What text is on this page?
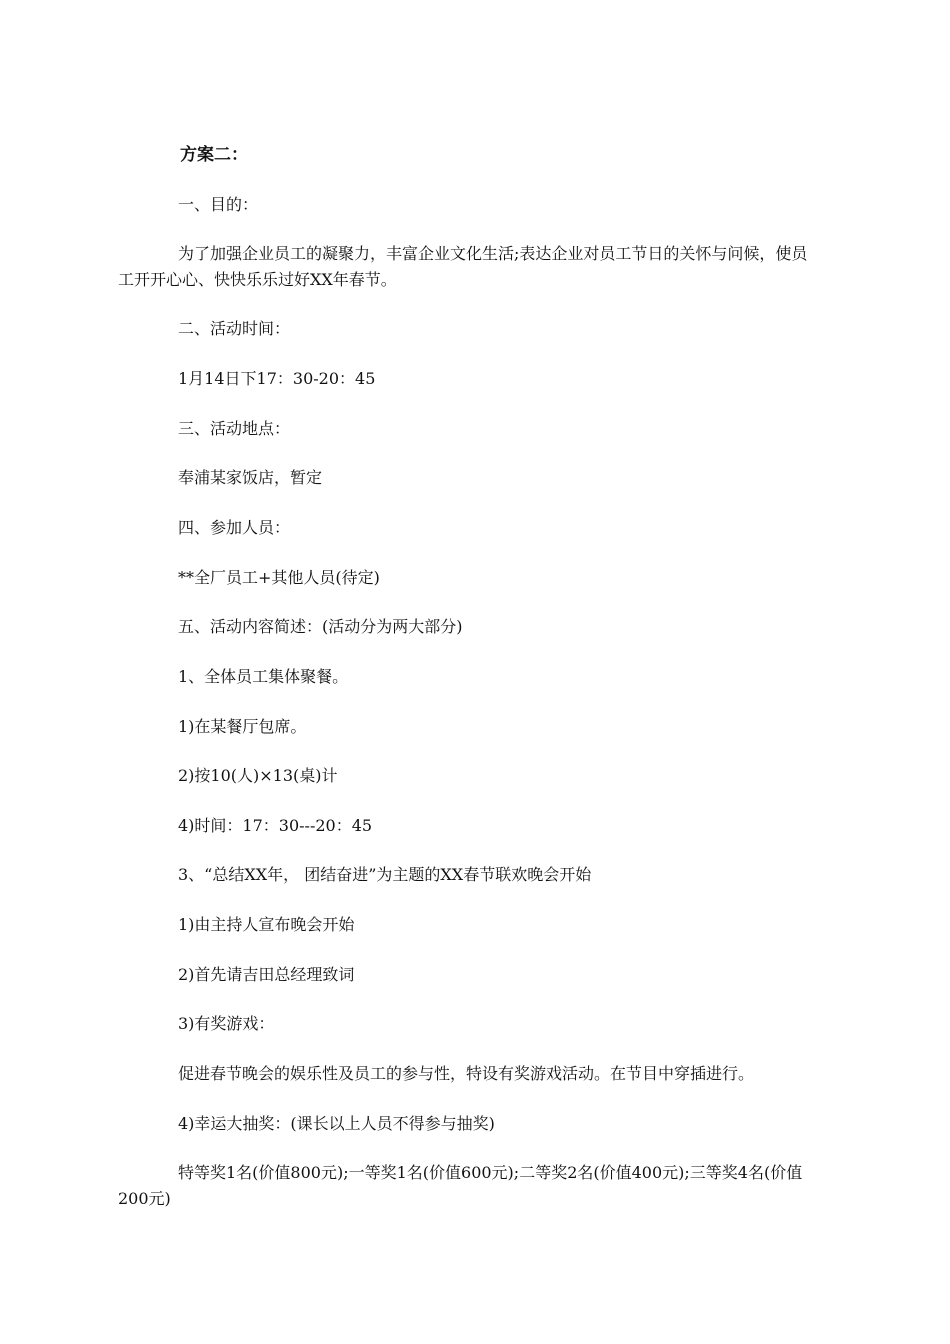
方案二：
一、目的：
为了加强企业员工的凝聚力，丰富企业文化生活;表达企业对员工节日的关怀与问候，使员工开开心心、快快乐乐过好XX年春节。
二、活动时间：
1月14日下17：30-20：45
三、活动地点：
奉浦某家饭店，暂定
四、参加人员：
**全厂员工+其他人员(待定)
五、活动内容简述：(活动分为两大部分)
1、全体员工集体聚餐。
1)在某餐厅包席。
2)按10(人)×13(桌)计
4)时间：17：30---20：45
3、“总结XX年， 团结奋进”为主题的XX春节联欢晚会开始
1)由主持人宣布晚会开始
2)首先请吉田总经理致词
3)有奖游戏：
促进春节晚会的娱乐性及员工的参与性，特设有奖游戏活动。在节目中穿插进行。
4)幸运大抽奖：(课长以上人员不得参与抽奖)
特等奖1名(价值800元);一等奖1名(价值600元);二等奖2名(价值400元);三等奖4名(价值200元)
